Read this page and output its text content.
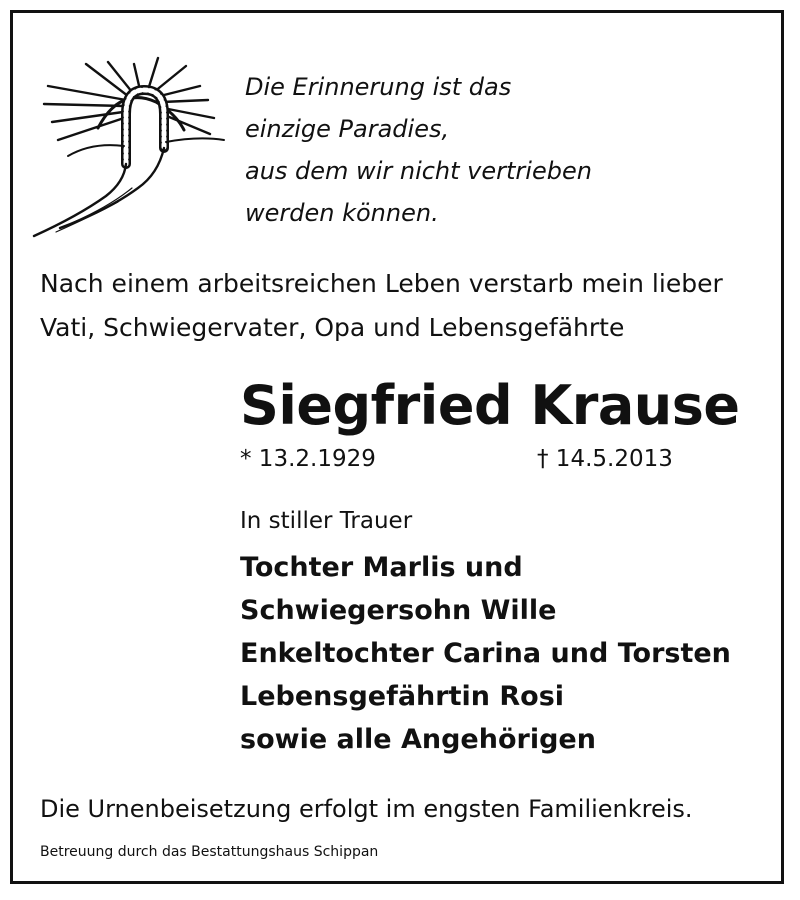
Die Erinnerung ist das
einzige Paradies,
aus dem wir nicht vertrieben
werden können.
Nach einem arbeitsreichen Leben verstarb mein lieber
Vati, Schwiegervater, Opa und Lebensgefährte
Siegfried Krause
* 13.2.1929	† 14.5.2013
In stiller Trauer
Tochter Marlis und
Schwiegersohn Wille
Enkeltochter Carina und Torsten
Lebensgefährtin Rosi
sowie alle Angehörigen
Die Urnenbeisetzung erfolgt im engsten Familienkreis.
Betreuung durch das Bestattungshaus Schippan
